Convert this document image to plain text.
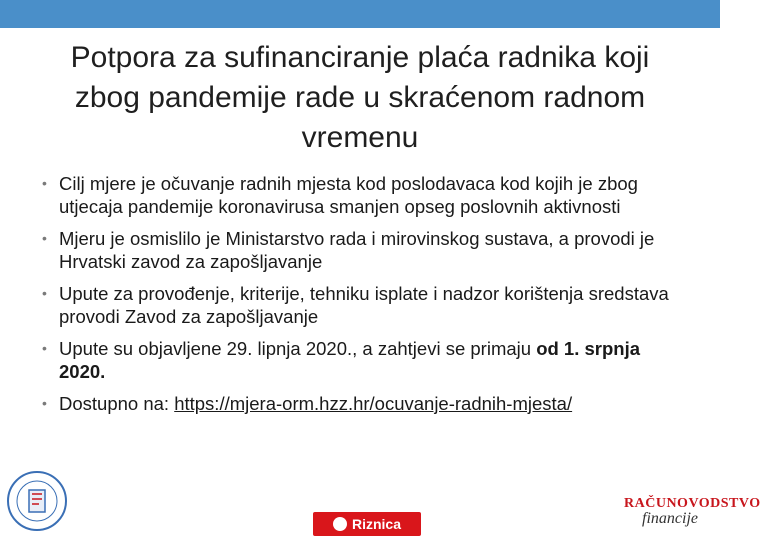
Potpora za sufinanciranje plaća radnika koji zbog pandemije rade u skraćenom radnom vremenu
• Cilj mjere je očuvanje radnih mjesta kod poslodavaca kod kojih je zbog utjecaja pandemije koronavirusa smanjen opseg poslovnih aktivnosti
• Mjeru je osmislilo je Ministarstvo rada i mirovinskog sustava, a provodi je Hrvatski zavod za zapošljavanje
• Upute za provođenje, kriterije, tehniku isplate i nadzor korištenja sredstava provodi Zavod za zapošljavanje
• Upute su objavljene 29. lipnja 2020., a zahtjevi se primaju od 1. srpnja 2020.
• Dostupno na: https://mjera-orm.hzz.hr/ocuvanje-radnih-mjesta/
Riznica
RAČUNOVODSTVO
financije
